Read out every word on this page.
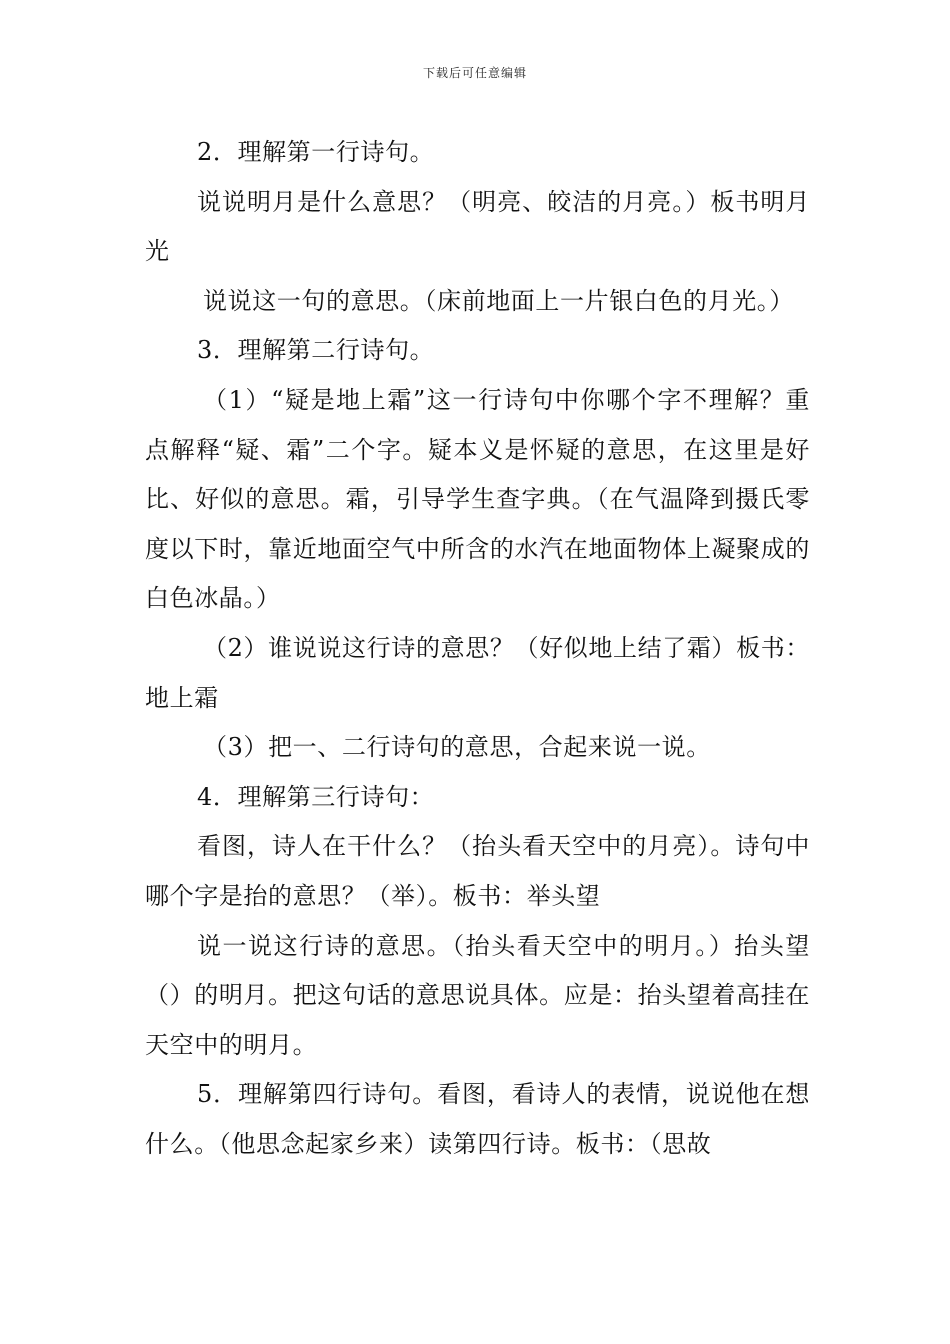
下载后可任意编辑

2．理解第一行诗句。

说说明月是什么意思？（明亮、皎洁的月亮。）板书明月光

说说这一句的意思。（床前地面上一片银白色的月光。）

3．理解第二行诗句。

（1）“疑是地上霜”这一行诗句中你哪个字不理解？重点解释“疑、霜”二个字。疑本义是怀疑的意思，在这里是好比、好似的意思。霜，引导学生查字典。（在气温降到摄氏零度以下时，靠近地面空气中所含的水汽在地面物体上凝聚成的白色冰晶。）

（2）谁说说这行诗的意思？（好似地上结了霜）板书：地上霜

（3）把一、二行诗句的意思，合起来说一说。

4．理解第三行诗句：

看图，诗人在干什么？（抬头看天空中的月亮）。诗句中哪个字是抬的意思？（举）。板书：举头望

说一说这行诗的意思。（抬头看天空中的明月。）抬头望（）的明月。把这句话的意思说具体。应是：抬头望着高挂在天空中的明月。

5．理解第四行诗句。看图，看诗人的表情，说说他在想什么。（他思念起家乡来）读第四行诗。板书：（思故
